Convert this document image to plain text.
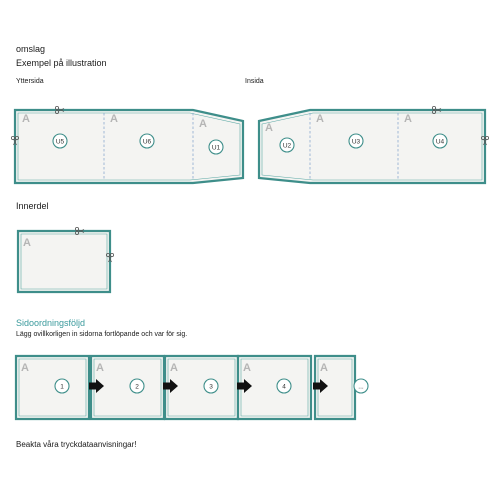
omslag
Exempel på illustration
Yttersida	Insida
Innerdel
Sidoordningsföljd
Lägg ovillkorligen in sidorna fortlöpande och var för sig.
Beakta våra tryckdataanvisningar!
A	A	A
U5	U6
U1
A
A	A
U2
U3	U4
A
A
1
A
2
A
3
A
4
A
...
